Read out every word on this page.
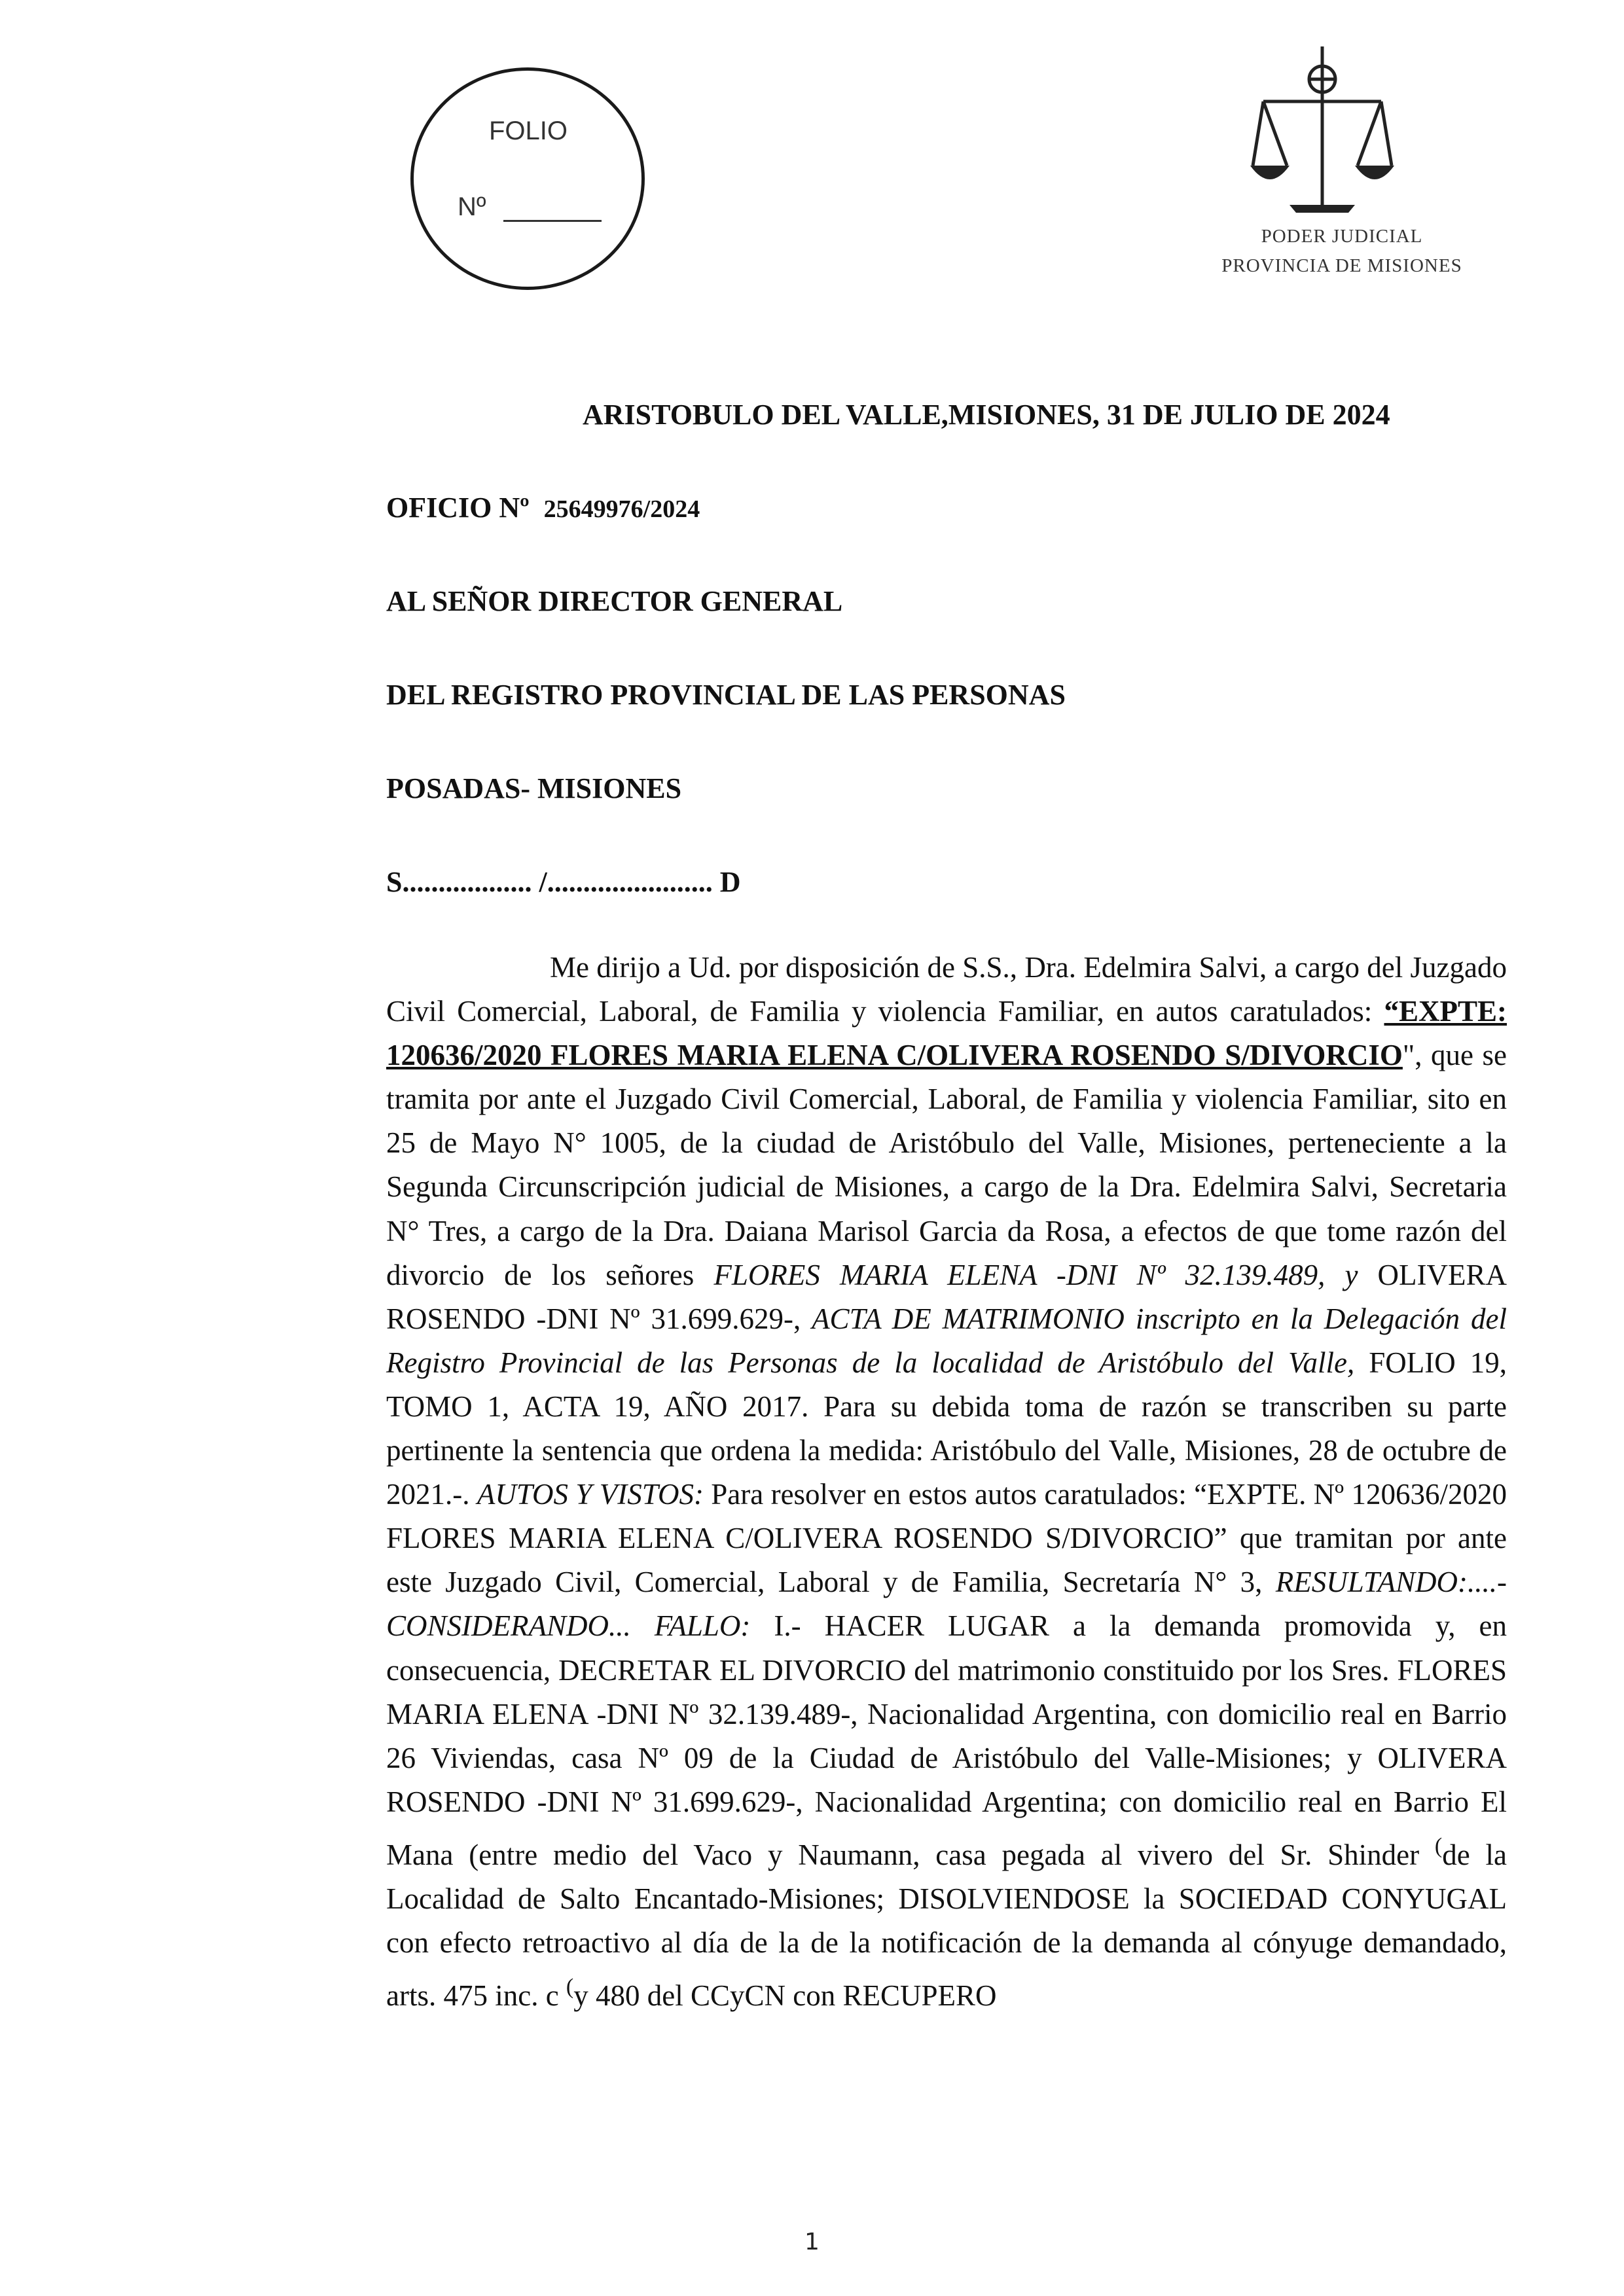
FOLIO
Nº
PODER JUDICIAL
PROVINCIA DE MISIONES
ARISTOBULO DEL VALLE,MISIONES, 31 DE JULIO DE 2024
OFICIO Nº 25649976/2024
AL SEÑOR DIRECTOR GENERAL
DEL REGISTRO PROVINCIAL DE LAS PERSONAS
POSADAS- MISIONES
S.................. /....................... D

Me dirijo a Ud. por disposición de S.S., Dra. Edelmira Salvi, a cargo del Juzgado Civil Comercial, Laboral, de Familia y violencia Familiar, en autos caratulados: “EXPTE: 120636/2020 FLORES MARIA ELENA C/OLIVERA ROSENDO S/DIVORCIO", que se tramita por ante el Juzgado Civil Comercial, Laboral, de Familia y violencia Familiar, sito en 25 de Mayo N° 1005, de la ciudad de Aristóbulo del Valle, Misiones, perteneciente a la Segunda Circunscripción judicial de Misiones, a cargo de la Dra. Edelmira Salvi, Secretaria N° Tres, a cargo de la Dra. Daiana Marisol Garcia da Rosa, a efectos de que tome razón del divorcio de los señores FLORES MARIA ELENA -DNI Nº 32.139.489, y OLIVERA ROSENDO -DNI Nº 31.699.629-, ACTA DE MATRIMONIO inscripto en la Delegación del Registro Provincial de las Personas de la localidad de Aristóbulo del Valle, FOLIO 19, TOMO 1, ACTA 19, AÑO 2017. Para su debida toma de razón se transcriben su parte pertinente la sentencia que ordena la medida: Aristóbulo del Valle, Misiones, 28 de octubre de 2021.-. AUTOS Y VISTOS: Para resolver en estos autos caratulados: “EXPTE. Nº 120636/2020 FLORES MARIA ELENA C/OLIVERA ROSENDO S/DIVORCIO” que tramitan por ante este Juzgado Civil, Comercial, Laboral y de Familia, Secretaría N° 3, RESULTANDO:....- CONSIDERANDO... FALLO: I.- HACER LUGAR a la demanda promovida y, en consecuencia, DECRETAR EL DIVORCIO del matrimonio constituido por los Sres. FLORES MARIA ELENA -DNI Nº 32.139.489-, Nacionalidad Argentina, con domicilio real en Barrio 26 Viviendas, casa Nº 09 de la Ciudad de Aristóbulo del Valle-Misiones; y OLIVERA ROSENDO -DNI Nº 31.699.629-, Nacionalidad Argentina; con domicilio real en Barrio El Mana (entre medio del Vaco y Naumann, casa pegada al vivero del Sr. Shinder (de la Localidad de Salto Encantado-Misiones; DISOLVIENDOSE la SOCIEDAD CONYUGAL con efecto retroactivo al día de la de la notificación de la demanda al cónyuge demandado, arts. 475 inc. c (y 480 del CCyCN con RECUPERO

1
